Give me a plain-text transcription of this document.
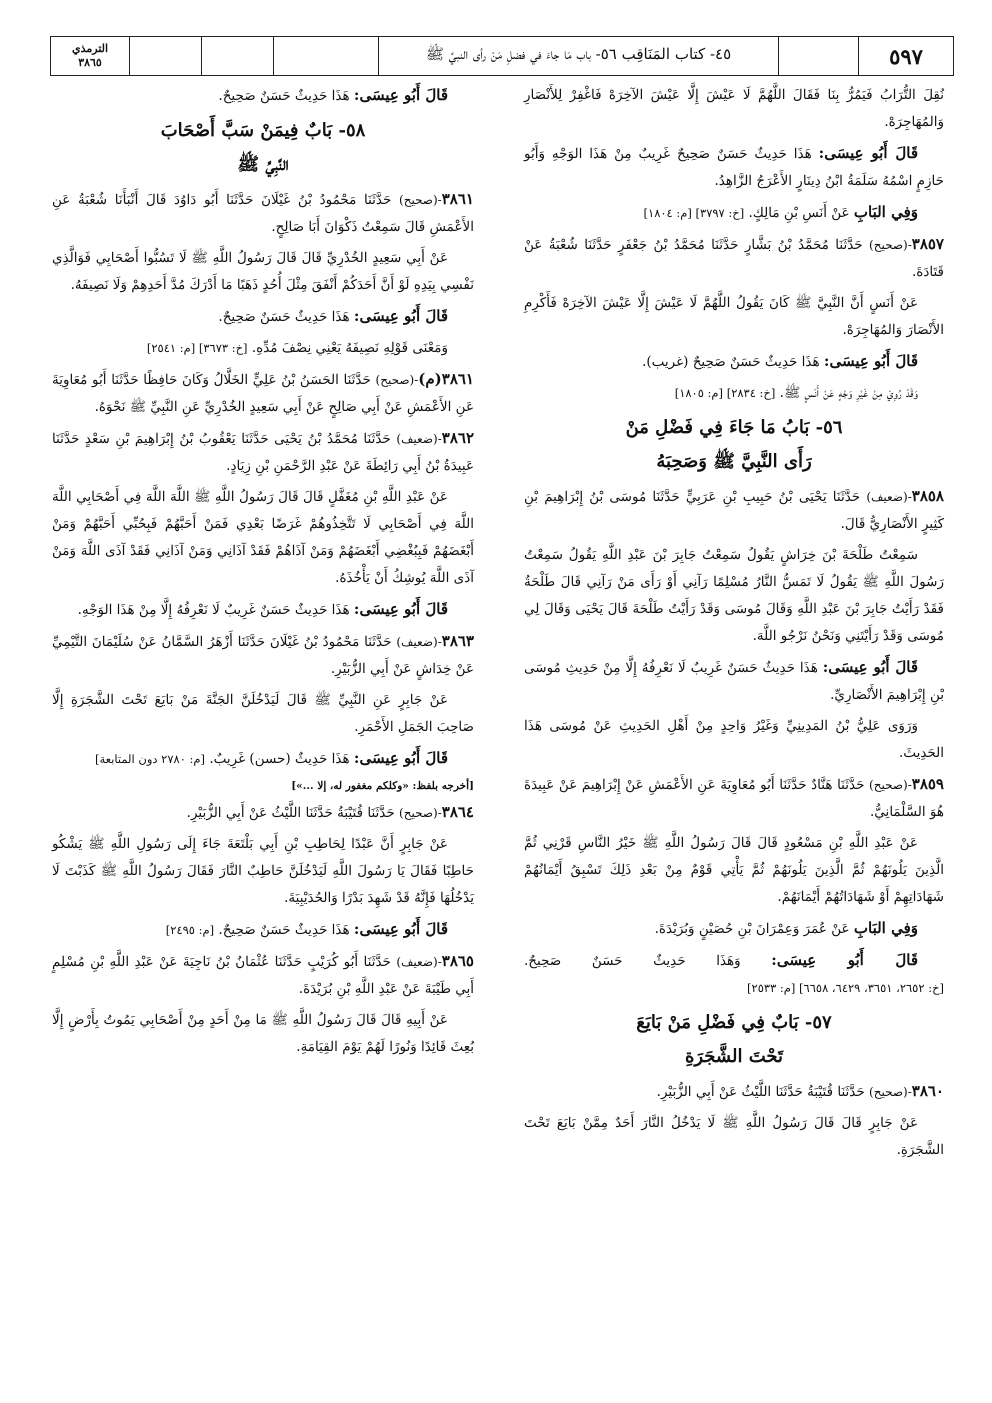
٥٩٧
٤٥- كتاب المَنَاقِب ٥٦- باب مَا جاءَ في فضلِ مَنْ رأى النبيَّ ﷺ
الترمذي
٣٨٦٥

نُقِلَ التُّرَابُ فَيَمُرُّ بِنَا فَقَالَ اللَّهُمَّ لَا عَيْشَ إِلَّا عَيْشَ الآخِرَهْ فَاغْفِرْ لِلأَنْصَارِ وَالمُهَاجِرَهْ.

قَالَ أَبُو عِيسَى: هَذَا حَدِيثٌ حَسَنٌ صَحِيحٌ غَرِيبٌ مِنْ هَذَا الوَجْهِ وَأَبُو حَازِمٍ اسْمُهُ سَلَمَةُ ابْنُ دِينَارٍ الأَعْرَجُ الزَّاهِدُ.

وَفِي البَابِ عَنْ أَنَسِ بْنِ مَالِكٍ. [خ: ٣٧٩٧] [م: ١٨٠٤]

٣٨٥٧-(صحيح) حَدَّثَنَا مُحَمَّدُ بْنُ بَشَّارٍ حَدَّثَنَا مُحَمَّدُ بْنُ جَعْفَرٍ حَدَّثَنَا شُعْبَةُ عَنْ قَتَادَةَ.

عَنْ أَنَسٍ أَنَّ النَّبِيَّ ﷺ كَانَ يَقُولُ اللَّهُمَّ لَا عَيْشَ إِلَّا عَيْشَ الآخِرَهْ فَأَكْرِمِ الأَنْصَارَ وَالمُهَاجِرَهْ.

قَالَ أَبُو عِيسَى: هَذَا حَدِيثٌ حَسَنٌ صَحِيحٌ (غريب).

وَقَدْ رُوِيَ مِنْ غَيْرِ وَجْهٍ عَنْ أَنَسٍ ﷺ. [خ: ٢٨٣٤] [م: ١٨٠٥]

٥٦- بَابُ مَا جَاءَ فِي فَضْلِ مَنْ
رَأَى النَّبِيَّ ﷺ وَصَحِبَهُ

٣٨٥٨-(ضعيف) حَدَّثَنَا يَحْيَى بْنُ حَبِيبِ بْنِ عَرَبِيٍّ حَدَّثَنَا مُوسَى بْنُ إِبْرَاهِيمَ بْنِ كَثِيرٍ الأَنْصَارِيُّ قَالَ.

سَمِعْتُ طَلْحَةَ بْنَ خِرَاشٍ يَقُولُ سَمِعْتُ جَابِرَ بْنَ عَبْدِ اللَّهِ يَقُولُ سَمِعْتُ رَسُولَ اللَّهِ ﷺ يَقُولُ لَا تَمَسُّ النَّارُ مُسْلِمًا رَآنِي أَوْ رَأَى مَنْ رَآنِي قَالَ طَلْحَةُ فَقَدْ رَأَيْتُ جَابِرَ بْنَ عَبْدِ اللَّهِ وَقَالَ مُوسَى وَقَدْ رَأَيْتُ طَلْحَةَ قَالَ يَحْيَى وَقَالَ لِي مُوسَى وَقَدْ رَأَيْتَنِي وَنَحْنُ نَرْجُو اللَّهَ.

قَالَ أَبُو عِيسَى: هَذَا حَدِيثٌ حَسَنٌ غَرِيبٌ لَا نَعْرِفُهُ إِلَّا مِنْ حَدِيثِ مُوسَى بْنِ إِبْرَاهِيمَ الأَنْصَارِيِّ.

وَرَوَى عَلِيُّ بْنُ المَدِينِيِّ وَغَيْرُ وَاحِدٍ مِنْ أَهْلِ الحَدِيثِ عَنْ مُوسَى هَذَا الحَدِيثَ.

٣٨٥٩-(صحيح) حَدَّثَنَا هَنَّادٌ حَدَّثَنَا أَبُو مُعَاوِيَةَ عَنِ الأَعْمَشِ عَنْ إِبْرَاهِيمَ عَنْ عَبِيدَةَ هُوَ السَّلْمَانِيُّ.

عَنْ عَبْدِ اللَّهِ بْنِ مَسْعُودٍ قَالَ قَالَ رَسُولُ اللَّهِ ﷺ خَيْرُ النَّاسِ قَرْنِي ثُمَّ الَّذِينَ يَلُونَهُمْ ثُمَّ الَّذِينَ يَلُونَهُمْ ثُمَّ يَأْتِي قَوْمٌ مِنْ بَعْدِ ذَلِكَ تَسْبِقُ أَيْمَانُهُمْ شَهَادَاتِهِمْ أَوْ شَهَادَاتُهُمْ أَيْمَانَهُمْ.

وَفِي البَابِ عَنْ عُمَرَ وَعِمْرَانَ بْنِ حُصَيْنٍ وَبُرَيْدَةَ.

قَالَ أَبُو عِيسَى: وَهَذَا حَدِيثٌ حَسَنٌ صَحِيحٌ. [خ: ٢٦٥٢، ٣٦٥١، ٦٤٢٩، ٦٦٥٨] [م: ٢٥٣٣]

٥٧- بَابٌ فِي فَضْلِ مَنْ بَايَعَ
تَحْتَ الشَّجَرَةِ

٣٨٦٠-(صحيح) حَدَّثَنَا قُتَيْبَةُ حَدَّثَنَا اللَّيْثُ عَنْ أَبِي الزُّبَيْرِ.

عَنْ جَابِرٍ قَالَ قَالَ رَسُولُ اللَّهِ ﷺ لَا يَدْخُلُ النَّارَ أَحَدٌ مِمَّنْ بَايَعَ تَحْتَ الشَّجَرَةِ.

قَالَ أَبُو عِيسَى: هَذَا حَدِيثٌ حَسَنٌ صَحِيحٌ.

٥٨- بَابٌ فِيمَنْ سَبَّ أَصْحَابَ
النَّبِيِّ ﷺ

٣٨٦١-(صحيح) حَدَّثَنَا مَحْمُودُ بْنُ غَيْلَانَ حَدَّثَنَا أَبُو دَاوُدَ قَالَ أَنْبَأَنَا شُعْبَةُ عَنِ الأَعْمَشِ قَالَ سَمِعْتُ ذَكْوَانَ أَبَا صَالِحٍ.

عَنْ أَبِي سَعِيدٍ الخُدْرِيِّ قَالَ قَالَ رَسُولُ اللَّهِ ﷺ لَا تَسُبُّوا أَصْحَابِي فَوَالَّذِي نَفْسِي بِيَدِهِ لَوْ أَنَّ أَحَدَكُمْ أَنْفَقَ مِثْلَ أُحُدٍ ذَهَبًا مَا أَدْرَكَ مُدَّ أَحَدِهِمْ وَلَا نَصِيفَهُ.

قَالَ أَبُو عِيسَى: هَذَا حَدِيثٌ حَسَنٌ صَحِيحٌ.

وَمَعْنَى قَوْلِهِ نَصِيفَهُ يَعْنِي نِصْفَ مُدِّهِ. [خ: ٣٦٧٣] [م: ٢٥٤١]

٣٨٦١(م)-(صحيح) حَدَّثَنَا الحَسَنُ بْنُ عَلِيٍّ الخَلَّالُ وَكَانَ حَافِظًا حَدَّثَنَا أَبُو مُعَاوِيَةَ عَنِ الأَعْمَشِ عَنْ أَبِي صَالِحٍ عَنْ أَبِي سَعِيدٍ الخُدْرِيِّ عَنِ النَّبِيِّ ﷺ نَحْوَهُ.

٣٨٦٢-(ضعيف) حَدَّثَنَا مُحَمَّدُ بْنُ يَحْيَى حَدَّثَنَا يَعْقُوبُ بْنُ إِبْرَاهِيمَ بْنِ سَعْدٍ حَدَّثَنَا عَبِيدَةُ بْنُ أَبِي رَائِطَةَ عَنْ عَبْدِ الرَّحْمَنِ بْنِ زِيَادٍ.

عَنْ عَبْدِ اللَّهِ بْنِ مُغَفَّلٍ قَالَ قَالَ رَسُولُ اللَّهِ ﷺ اللَّهَ اللَّهَ فِي أَصْحَابِي اللَّهَ اللَّهَ فِي أَصْحَابِي لَا تَتَّخِذُوهُمْ غَرَضًا بَعْدِي فَمَنْ أَحَبَّهُمْ فَبِحُبِّي أَحَبَّهُمْ وَمَنْ أَبْغَضَهُمْ فَبِبُغْضِي أَبْغَضَهُمْ وَمَنْ آذَاهُمْ فَقَدْ آذَانِي وَمَنْ آذَانِي فَقَدْ آذَى اللَّهَ وَمَنْ آذَى اللَّهَ يُوشِكُ أَنْ يَأْخُذَهُ.

قَالَ أَبُو عِيسَى: هَذَا حَدِيثٌ حَسَنٌ غَرِيبٌ لَا نَعْرِفُهُ إِلَّا مِنْ هَذَا الوَجْهِ.

٣٨٦٣-(ضعيف) حَدَّثَنَا مَحْمُودُ بْنُ غَيْلَانَ حَدَّثَنَا أَزْهَرُ السَّمَّانُ عَنْ سُلَيْمَانَ التَّيْمِيِّ عَنْ خِدَاشٍ عَنْ أَبِي الزُّبَيْرِ.

عَنْ جَابِرٍ عَنِ النَّبِيِّ ﷺ قَالَ لَيَدْخُلَنَّ الجَنَّةَ مَنْ بَايَعَ تَحْتَ الشَّجَرَةِ إِلَّا صَاحِبَ الجَمَلِ الأَحْمَرِ.

قَالَ أَبُو عِيسَى: هَذَا حَدِيثٌ (حسن) غَرِيبٌ. [م: ٢٧٨٠ دون المتابعة]

[أخرجه بلفظ: «وكلكم مغفور له، إلا ...»]

٣٨٦٤-(صحيح) حَدَّثَنَا قُتَيْبَةُ حَدَّثَنَا اللَّيْثُ عَنْ أَبِي الزُّبَيْرِ.

عَنْ جَابِرٍ أَنَّ عَبْدًا لِحَاطِبِ بْنِ أَبِي بَلْتَعَةَ جَاءَ إِلَى رَسُولِ اللَّهِ ﷺ يَشْكُو حَاطِبًا فَقَالَ يَا رَسُولَ اللَّهِ لَيَدْخُلَنَّ حَاطِبٌ النَّارَ فَقَالَ رَسُولُ اللَّهِ ﷺ كَذَبْتَ لَا يَدْخُلُهَا فَإِنَّهُ قَدْ شَهِدَ بَدْرًا وَالحُدَيْبِيَةَ.

قَالَ أَبُو عِيسَى: هَذَا حَدِيثٌ حَسَنٌ صَحِيحٌ. [م: ٢٤٩٥]

٣٨٦٥-(ضعيف) حَدَّثَنَا أَبُو كُرَيْبٍ حَدَّثَنَا عُثْمَانُ بْنُ نَاجِيَةَ عَنْ عَبْدِ اللَّهِ بْنِ مُسْلِمٍ أَبِي طَيْبَةَ عَنْ عَبْدِ اللَّهِ بْنِ بُرَيْدَةَ.

عَنْ أَبِيهِ قَالَ قَالَ رَسُولُ اللَّهِ ﷺ مَا مِنْ أَحَدٍ مِنْ أَصْحَابِي يَمُوتُ بِأَرْضٍ إِلَّا بُعِثَ قَائِدًا وَنُورًا لَهُمْ يَوْمَ القِيَامَةِ.
